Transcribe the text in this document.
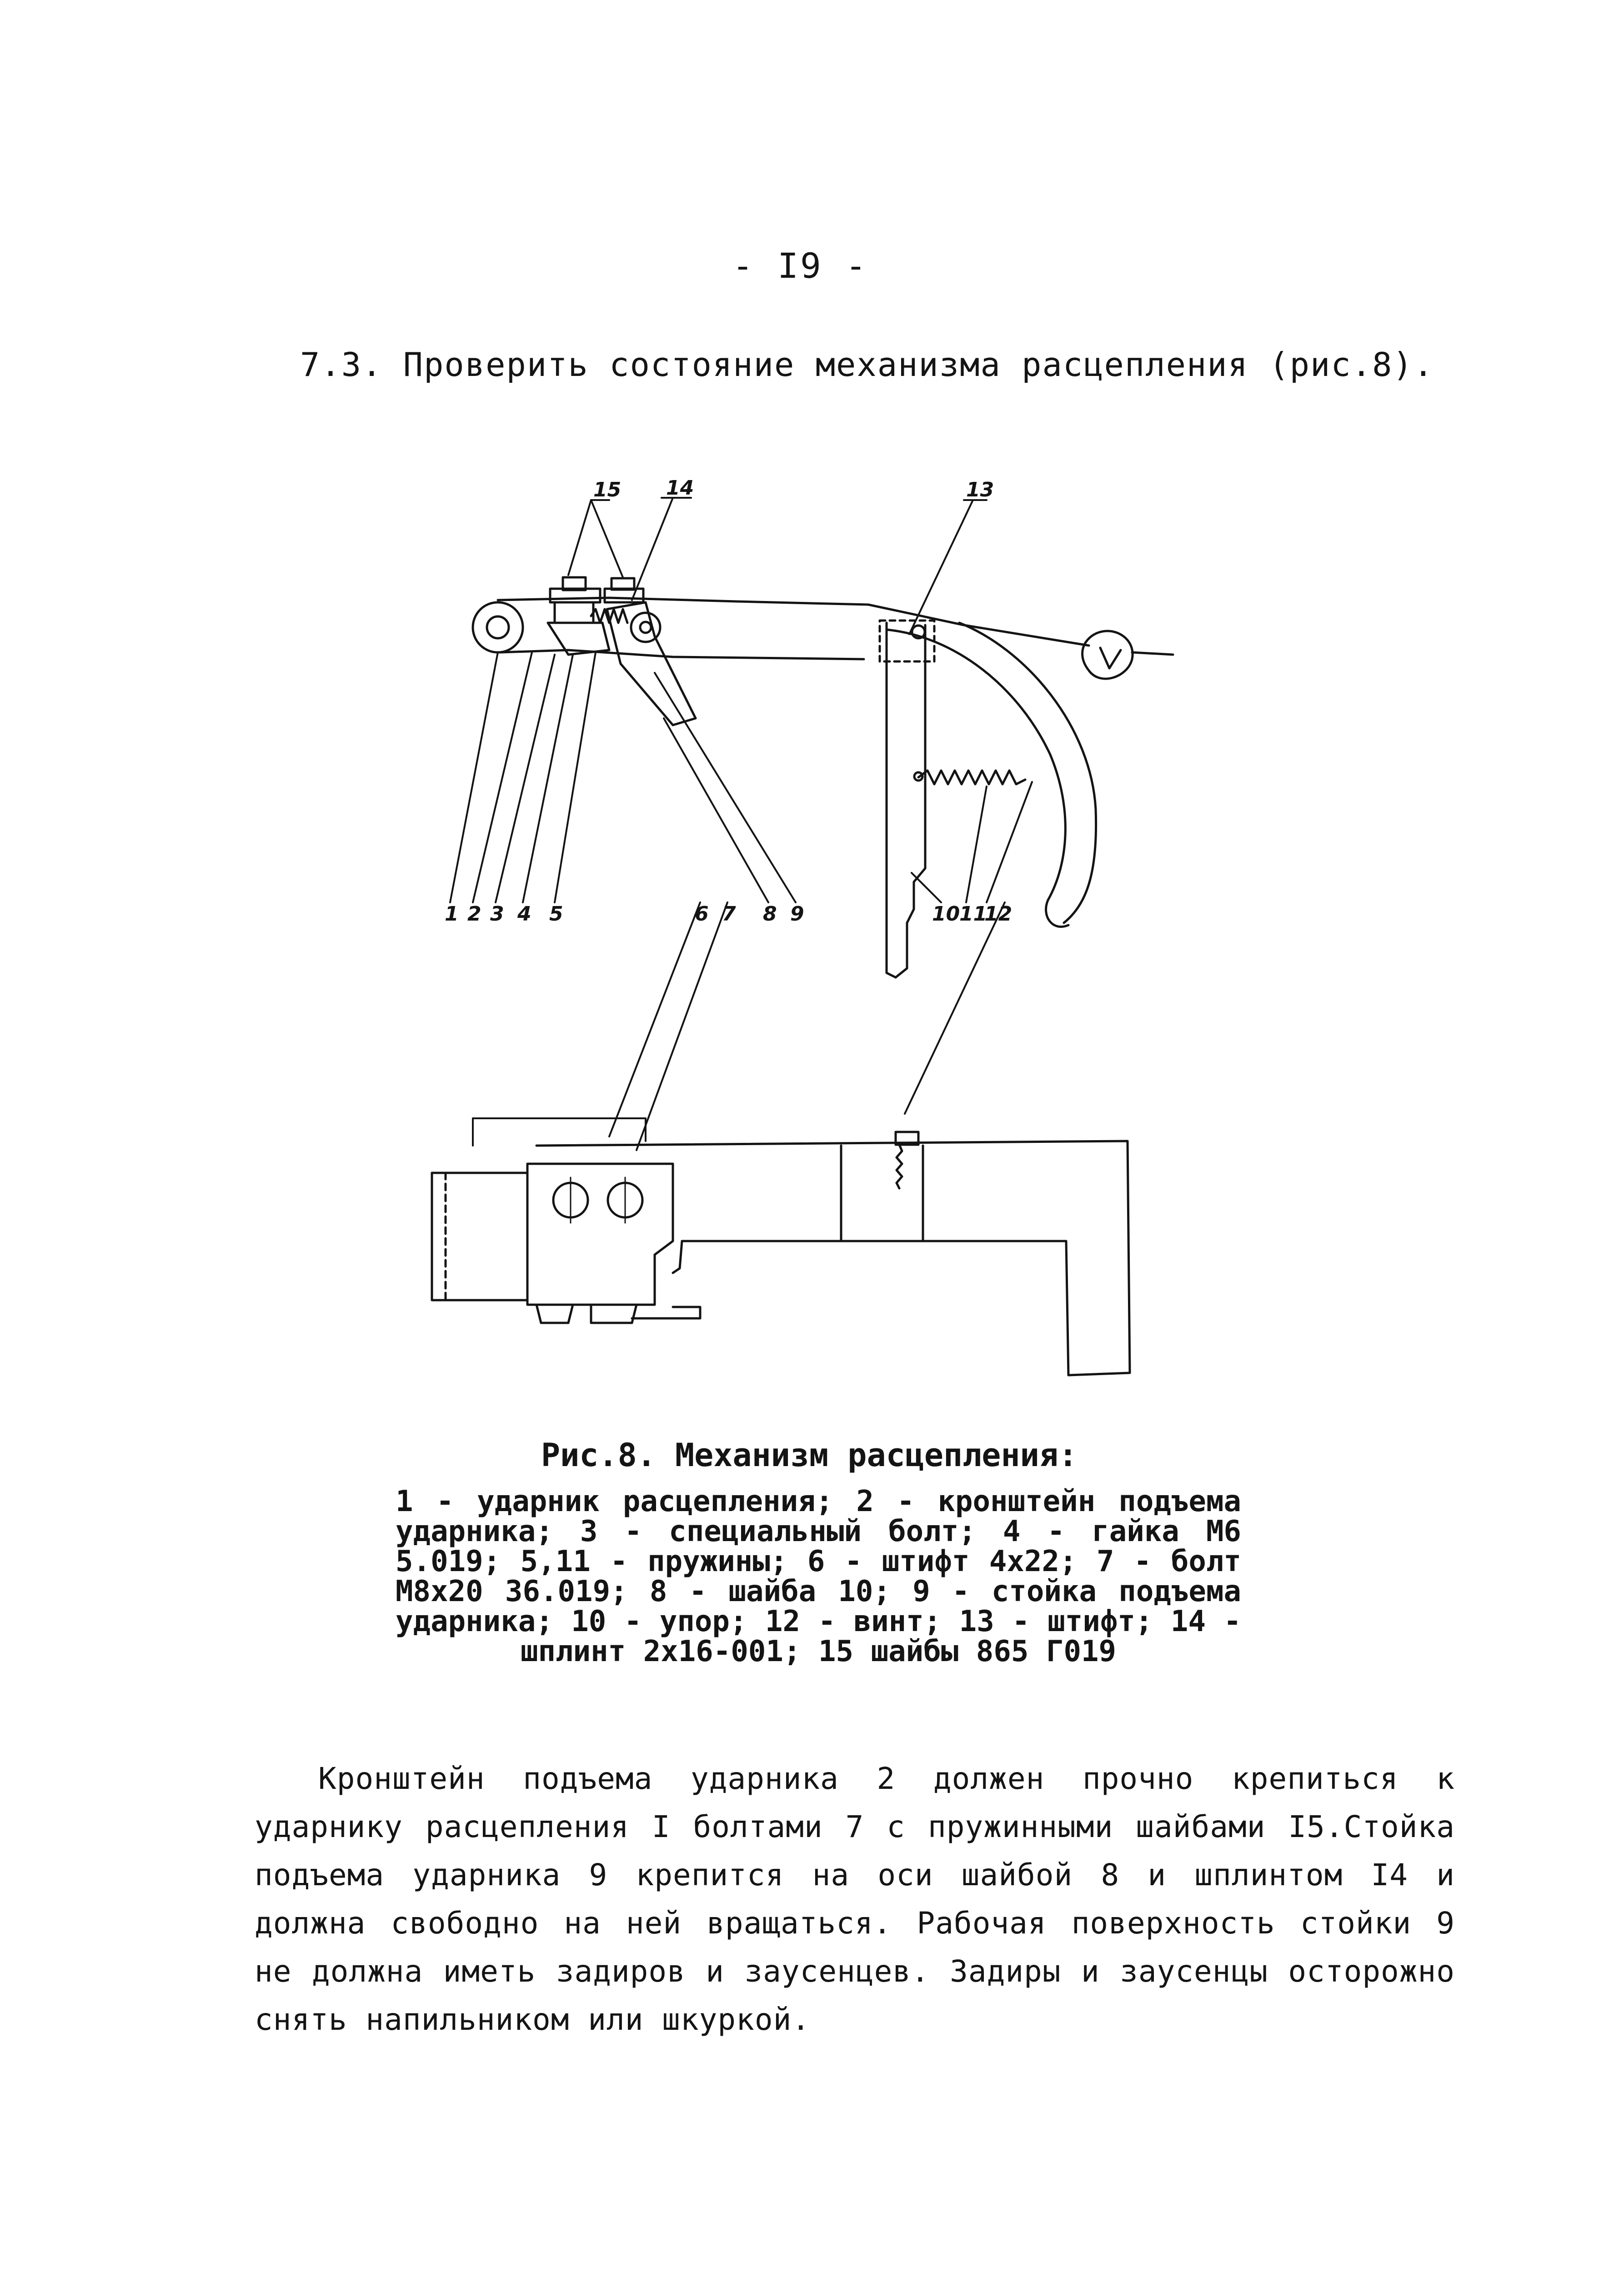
- I9 -
7.3. Проверить состояние механизма расцепления (рис.8).
15 14	13
1 2 3 4 5	6 7 8 9	10
11
12
Рис.8. Механизм расцепления:
1 - ударник расцепления; 2 - кронштейн подъема ударника; 3 - специальный болт; 4 - гайка М6 5.019; 5,11 - пружины; 6 - штифт 4х22; 7 - болт М8х20 36.019; 8 - шайба 10; 9 - стойка подъема ударника; 10 - упор; 12 - винт; 13 - штифт; 14 - шплинт 2х16-001; 15 шайбы 865 Г019
Кронштейн подъема ударника 2 должен прочно крепиться к ударнику расцепления I болтами 7 с пружинными шайбами I5.Стойка подъема ударника 9 крепится на оси шайбой 8 и шплинтом I4 и должна свободно на ней вращаться. Рабочая поверхность стойки 9 не должна иметь задиров и заусенцев. Задиры и заусенцы осторожно снять напильником или шкуркой.
